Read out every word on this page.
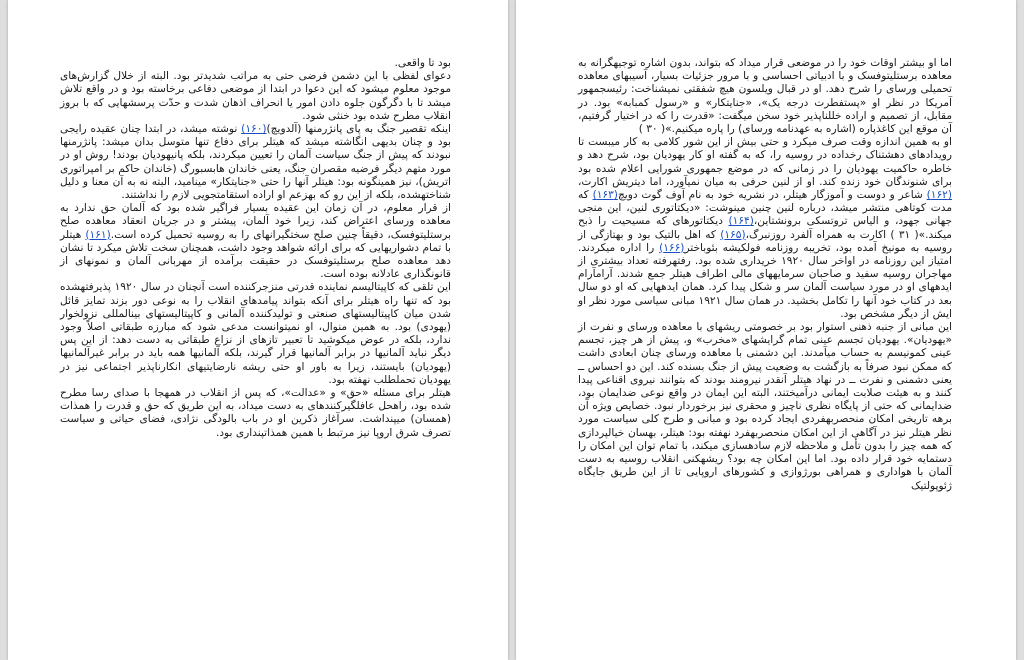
بود تا واقعی.

دعوای لفظی با این دشمن فرضی حتی به مراتب شدیدتر بود. البته از خلال گزارش‌های موجود معلوم میشود که این دعوا در ابتدا از موضعی دفاعی برخاسته بود و در واقع تلاش میشد تا با دگرگون جلوه دادن امور یا انحراف اذهان شدت و حدّت پرسشهایی که با بروز انقلاب مطرح شده بود خنثی شود.

اینکه تقصیر جنگ به پای پانژرمنها (آلدویچ)(۱۶۰) نوشته میشد، در ابتدا چنان عقیده رایجی بود و چنان بدیهی انگاشته میشد که هیتلر برای دفاع تنها متوسل بدان میشد: پانژرمنها نبودند که پیش از جنگ سیاست آلمان را تعیین میکردند، بلکه پانیهودیان بودند! روش او در مورد متهم دیگر فرضیه مقصران جنگ، یعنی خاندان هابسبورگ (خاندان حاکم بر امپراتوری اتریش)، نیز همینگونه بود: هیتلر آنها را حتی «جنایتکار» مینامید، البته نه به آن معنا و دلیل شناختهشده، بلکه از این رو که بهزعم او اراده استقامتجویی لازم را نداشتند.

از قرار معلوم، در آن زمان این عقیده بسیار فراگیر شده بود که آلمان حق ندارد به معاهده ورسای اعتراض کند، زیرا خود آلمان، پیشتر و در جریان انعقاد معاهده صلح برستلیتوفسک، دقیقاً چنین صلح سختگیرانهای را به روسیه تحمیل کرده است.(۱۶۱) هیتلر با تمام دشواریهایی که برای ارائه شواهد وجود داشت، همچنان سخت تلاش میکرد تا نشان دهد معاهده صلح برستلیتوفسک در حقیقت برآمده از مهربانی آلمان و نمونهای از قانونگذاری عادلانه بوده است.

این تلقی که کاپیتالیسم نماینده قدرتی منزجرکننده است آنچنان در سال ۱۹۲۰ پذیرفتهشده بود که تنها راه هیتلر برای آنکه بتواند پیامدهای انقلاب را به نوعی دور بزند تمایز قائل شدن میان کاپیتالیستهای صنعتی و تولیدکننده آلمانی و کاپیتالیستهای بینالمللی نزولخوار (یهودی) بود. به همین منوال، او نمیتوانست مدعی شود که مبارزه طبقاتی اصلاً وجود ندارد، بلکه در عوض میکوشید تا تعبیر تازهای از نزاع طبقاتی به دست دهد: از این پس دیگر نباید آلمانیها در برابر آلمانیها قرار گیرند، بلکه آلمانیها همه باید در برابر غیرآلمانیها (یهودیان) بایستند، زیرا به باور او حتی ریشه نارضایتیهای انکارناپذیر اجتماعی نیز در یهودیان تحملطلب نهفته بود.

هیتلر برای مسئله «حق» و «عدالت»، که پس از انقلاب در همهجا با صدای رسا مطرح شده بود، راهحل عافلگیرکنندهای به دست میداد، به این طریق که حق و قدرت را همذات (همسان) میپنداشت. سرآغاز ذکرین او در باب بالودگی نژادی، فضای حیاتی و سیاست تصرف شرق اروپا نیز مرتبط با همین همذاتپنداری بود.

اما او بیشتر اوقات خود را در موضعی قرار میداد که بتواند، بدون اشاره توجیهگرانه به معاهده برستلیتوفسک و با ادبیاتی احساسی و با مرور جزئیات بسیار، آسیبهای معاهده تحمیلی ورسای را شرح دهد. او در قبال ویلسون هیچ شفقتی نمیشناخت: رئیسجمهور آمریکا در نظر او «پستفطرت درجه یک»، «جنایتکار» و «رسول کمبابه» بود. در مقابل، از تصمیم و اراده خللناپذیر خود سخن میگفت: «قدرت را که در اختیار گرفتیم، آن موقع این کاغذپاره (اشاره به عهدنامه ورسای) را پاره میکنیم.»( ۳۰ )

او به همین اندازه وقت صرف میکرد و حتی بیش از این شور کلامی به کار میبست تا رویدادهای دهشتناک رخداده در روسیه را، که به گفته او کار یهودیان بود، شرح دهد و خاطره حاکمیت یهودیان را در زمانی که در موضع جمهوری شورایی اعلام شده بود برای شنوندگان خود زنده کند. او از لنین حرفی به میان نمیآورد، اما دیتریش اکارت،(۱۶۲) شاعر و دوست و آموزگار هیتلر، در نشریه خود به نام آوف گوت دویچ(۱۶۳) که مدت کوتاهی منتشر میشد، درباره لنین چنین مینوشت: «دیکتاتوری لنین، این منجی جهانی جهود، و الیاس تروتسکی برونشتاین،(۱۶۴) دیکتاتورهای که مسیحیت را ذبح میکند.»( ۳۱ ) اکارت به همراه آلفرد روزنبرگ،(۱۶۵) که اهل بالتیک بود و بهتازگی از روسیه به مونیخ آمده بود، تخریبه روزنامه فولکیشه بئوباختر(۱۶۶) را اداره میکردند. امتیاز این روزنامه در اواخر سال ۱۹۲۰ خریداری شده بود. رفتهرفته تعداد بیشتری از مهاجران روسیه سفید و صاحبان سرمایههای مالی اطراف هیتلر جمع شدند. آرامآرام ایدههای او در مورد سیاست آلمان سر و شکل پیدا کرد. همان ایدههایی که او دو سال بعد در کتاب خود آنها را تکامل بخشید. در همان سال ۱۹۲۱ مبانی سیاسی مورد نظر او ایش از دیگر مشخص بود.

این مبانی از جنبه ذهنی استوار بود بر خصومتی ریشهای با معاهده ورسای و نفرت از «یهودیان». یهودیان تجسم عینی تمام گرایشهای «مخرب» و، پیش از هر چیز، تجسم عینی کمونیسم به حساب میآمدند. این دشمنی با معاهده ورسای چنان ابعادی داشت که ممکن نبود صرفاً به بازگشت به وضعیت پیش از جنگ بسنده کند. این دو احساس ــ یعنی دشمنی و نفرت ــ در نهاد هیتلر آنقدر نیرومند بودند که بتوانند نیروی اقناعی پیدا کنند و به هیئت صلابت ایمانی درآمیختند، البته این ایمان در واقع نوعی ضدایمان بود، ضدایمانی که حتی از پایگاه نظری ناچیز و محقری نیز برخوردار نبود. خصایص ویژه آن برهه تاریخی امکان منحصربهفردی ایجاد کرده بود و مبانی و طرح کلی سیاست مورد نظر هیتلر نیز در آگاهی از این امکان منحصربهفرد نهفته بود: هیتلر، بهسان خیالپردازی که همه چیز را بدون تأمل و ملاحظه لازم سادهسازی میکند، با تمام توان این امکان را دستمایه خود قرار داده بود. اما این امکان چه بود؟ ریشهکنی انقلاب روسیه به دست آلمان با هواداری و همراهی بورژوازی و کشورهای اروپایی تا از این طریق جایگاه ژئوپولتیک
